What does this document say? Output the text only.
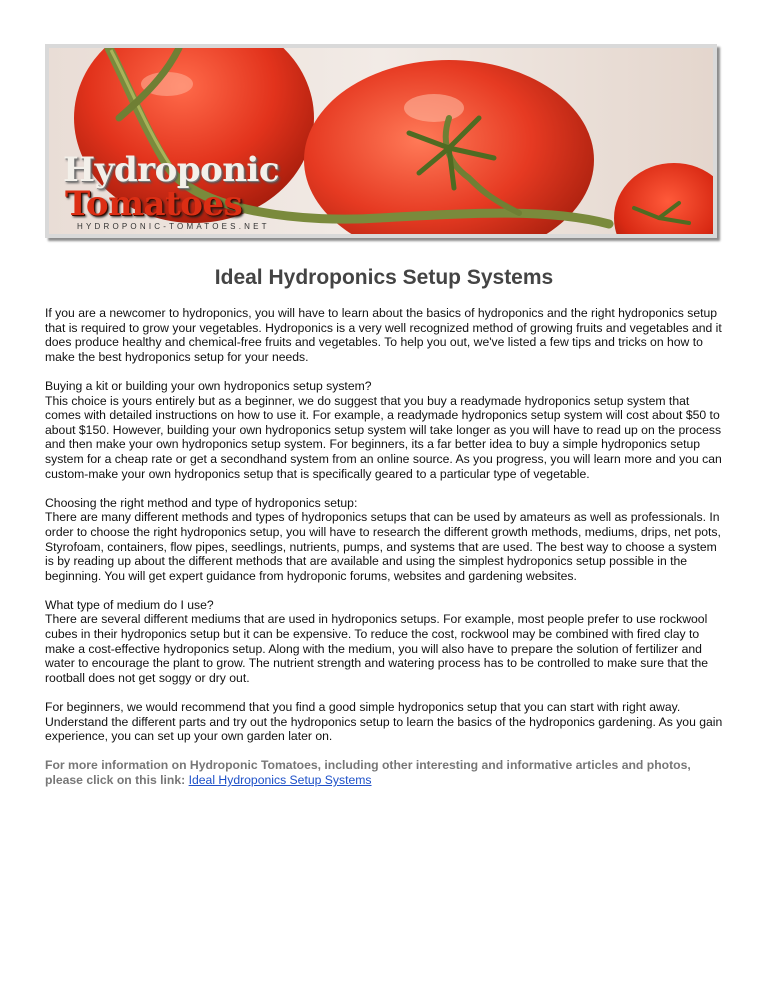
Hydroponic
Tomatoes
HYDROPONIC-TOMATOES.NET
Ideal Hydroponics Setup Systems

If you are a newcomer to hydroponics, you will have to learn about the basics of hydroponics and the right hydroponics setup that is required to grow your vegetables. Hydroponics is a very well recognized method of growing fruits and vegetables and it does produce healthy and chemical-free fruits and vegetables. To help you out, we've listed a few tips and tricks on how to make the best hydroponics setup for your needs.

Buying a kit or building your own hydroponics setup system?
This choice is yours entirely but as a beginner, we do suggest that you buy a readymade hydroponics setup system that comes with detailed instructions on how to use it. For example, a readymade hydroponics setup system will cost about $50 to about $150. However, building your own hydroponics setup system will take longer as you will have to read up on the process and then make your own hydroponics setup system. For beginners, its a far better idea to buy a simple hydroponics setup system for a cheap rate or get a secondhand system from an online source. As you progress, you will learn more and you can custom-make your own hydroponics setup that is specifically geared to a particular type of vegetable.

Choosing the right method and type of hydroponics setup:
There are many different methods and types of hydroponics setups that can be used by amateurs as well as professionals. In order to choose the right hydroponics setup, you will have to research the different growth methods, mediums, drips, net pots, Styrofoam, containers, flow pipes, seedlings, nutrients, pumps, and systems that are used. The best way to choose a system is by reading up about the different methods that are available and using the simplest hydroponics setup possible in the beginning. You will get expert guidance from hydroponic forums, websites and gardening websites.

What type of medium do I use?
There are several different mediums that are used in hydroponics setups. For example, most people prefer to use rockwool cubes in their hydroponics setup but it can be expensive. To reduce the cost, rockwool may be combined with fired clay to make a cost-effective hydroponics setup. Along with the medium, you will also have to prepare the solution of fertilizer and water to encourage the plant to grow. The nutrient strength and watering process has to be controlled to make sure that the rootball does not get soggy or dry out.

For beginners, we would recommend that you find a good simple hydroponics setup that you can start with right away. Understand the different parts and try out the hydroponics setup to learn the basics of the hydroponics gardening. As you gain experience, you can set up your own garden later on.

For more information on Hydroponic Tomatoes, including other interesting and informative articles and photos, please click on this link: Ideal Hydroponics Setup Systems
